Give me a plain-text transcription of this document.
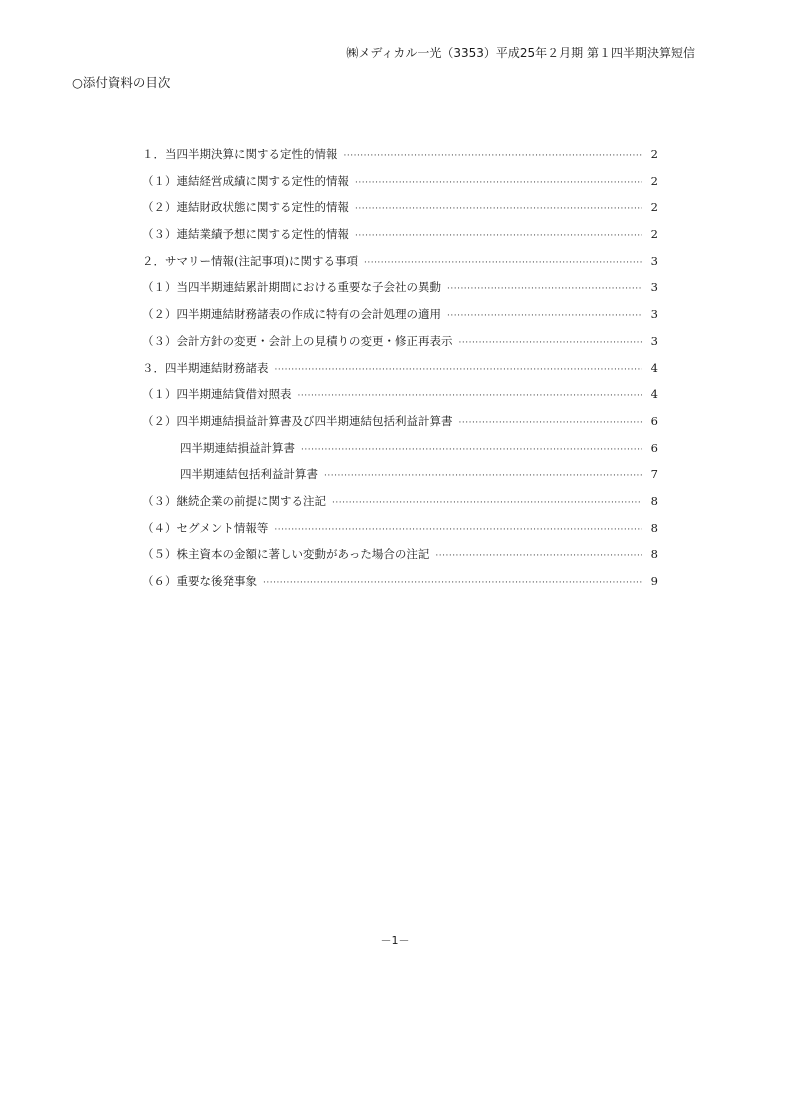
㈱メディカル一光（3353）平成25年２月期 第１四半期決算短信
○添付資料の目次
１．当四半期決算に関する定性的情報 ·····	2
（１）連結経営成績に関する定性的情報 ·····	2
（２）連結財政状態に関する定性的情報 ·····	2
（３）連結業績予想に関する定性的情報 ·····	2
２．サマリー情報(注記事項)に関する事項 ·····	3
（１）当四半期連結累計期間における重要な子会社の異動 ·····	3
（２）四半期連結財務諸表の作成に特有の会計処理の適用 ·····	3
（３）会計方針の変更・会計上の見積りの変更・修正再表示 ·····	3
３．四半期連結財務諸表 ·····	4
（１）四半期連結貸借対照表 ·····	4
（２）四半期連結損益計算書及び四半期連結包括利益計算書 ·····	6
四半期連結損益計算書 ·····	6
四半期連結包括利益計算書 ·····	7
（３）継続企業の前提に関する注記 ·····	8
（４）セグメント情報等 ·····	8
（５）株主資本の金額に著しい変動があった場合の注記 ·····	8
（６）重要な後発事象 ·····	9
－1－
